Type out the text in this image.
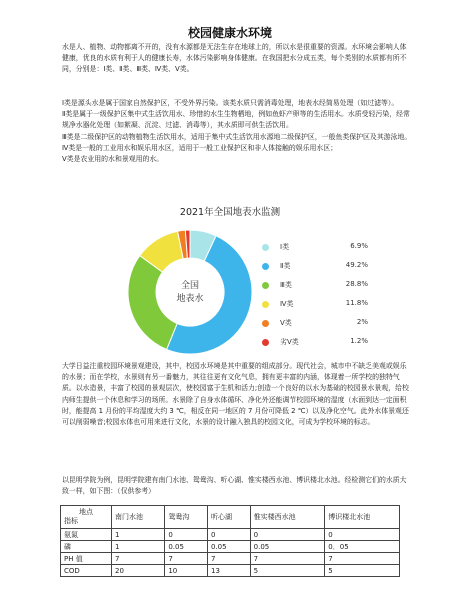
校园健康水环境

水是人、植物、动物都离不开的，没有水源都是无法生存在地球上的，所以水是很重要的资源。水环境会影响人体健康，优良的水质有利于人的健康长寿，水体污染影响身体健康。在我国把水分成五类，每个类别的水质都有所不同，分别是：Ⅰ类、Ⅱ类、Ⅲ类、Ⅳ类、Ⅴ类。

Ⅰ类是源头水是属于国家自然保护区，不受外界污染。该类水质只需消毒处理，地表水经简易处理（如过滤等）。

Ⅱ类是属于一级保护区集中式生活饮用水、珍惜的水生生物栖地，例如鱼虾产卵等的生活用水。水质受轻污染，经常规净水器化处理（如絮凝、沉淀、过滤、消毒等），其水质即可供生活饮用。

Ⅲ类是二级保护区的动物植物生活饮用水，适用于集中式生活饮用水源地二级保护区，一般鱼类保护区及其游泳地。

Ⅳ类是一般的工业用水和娱乐用水区，适用于一般工业保护区和非人体接触的娱乐用水区；

Ⅴ类是农业用的水和景观用的水。

2021年全国地表水监测
全国
地表水
Ⅰ类	6.9%
Ⅱ类	49.2%
Ⅲ类	28.8%
Ⅳ类	11.8%
Ⅴ类	2%
劣Ⅴ类	1.2%

大学日益注重校园环境景观建设，其中，校园水环境是其中重要的组成部分。现代社会，城市中不缺乏美观或娱乐的水景；而在学校，水景则有另一番魅力，其往往更有文化气息，拥有更丰富的内涵，体现着一所学校的独特气质。以水造景，丰富了校园的景观层次，使校园富于生机和活力;创造一个良好的以水为基础的校园景水景观，给校内师生提供一个休息和学习的场所。水景除了自身水体循环、净化外还能调节校园环境的湿度（水面到达一定面积时，能提高 1 月份的平均湿度大约 3 ℃，相反在同一地区的 7 月份可降低 2 ℃）以及净化空气。此外水体景观还可以削弱噪音;校园水体也可用来进行文化，水景的设计融入独具的校园文化，可成为学校环境的标志。

以昆明学院为例，昆明学院建有南门水池、鸳鸯沟、听心湖、惟实楼西水池、博识楼北水池。经检测它们的水质大致一样，如下图：（仅供参考）

地点
指标	南门水池	鸳鸯沟	听心湖	惟实楼西水池	博识楼北水池
氨氮	1	0	0	0	0
磷	1	0.05	0.05	0.05	0．05
PH 值	7	7	7	7	7
COD	20	10	13	5	5
